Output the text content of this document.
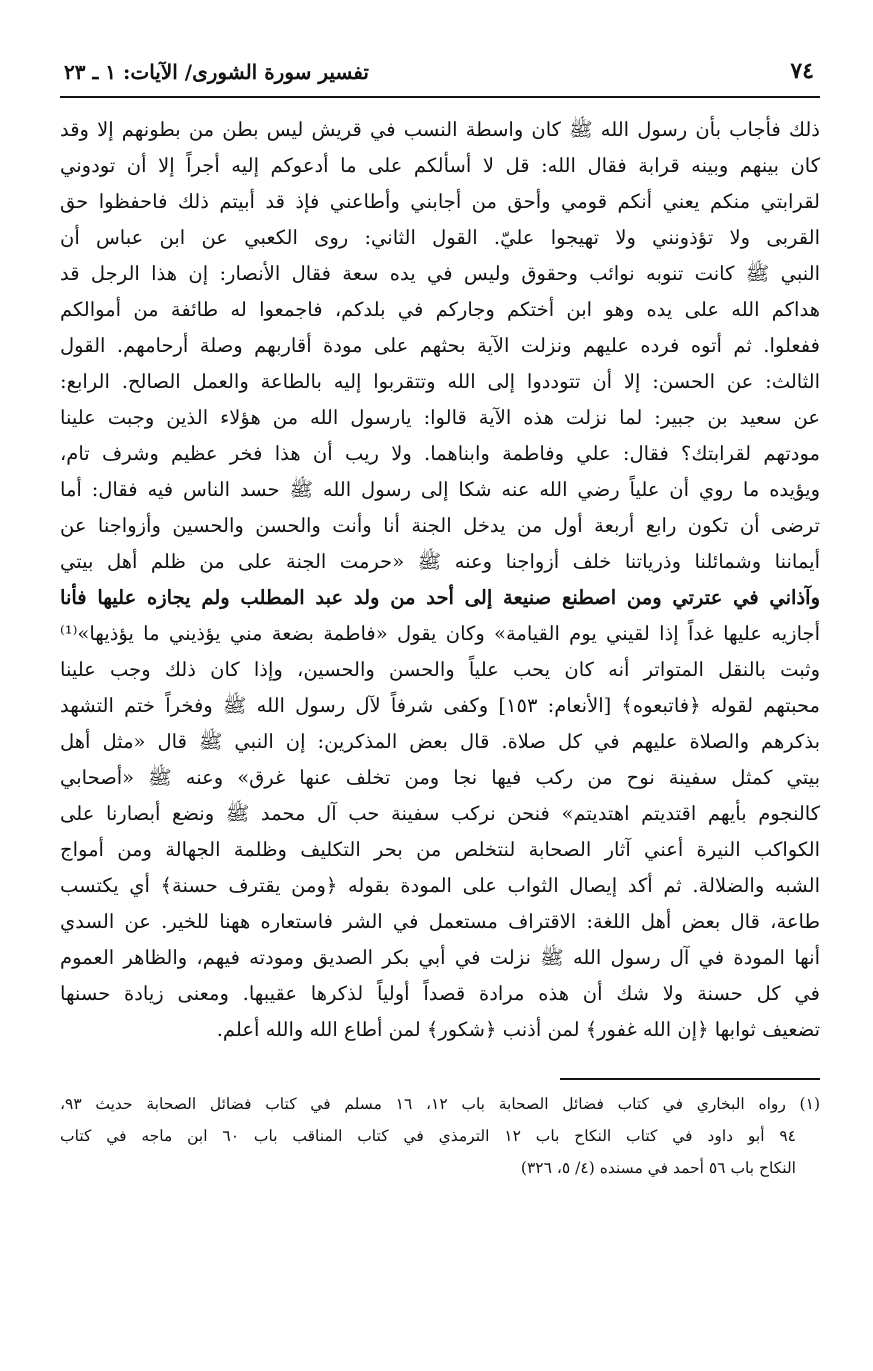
٧٤
تفسير سورة الشورى/ الآيات: ١ ـ ٢٣
ذلك فأجاب بأن رسول الله ﷺ كان واسطة النسب في قريش ليس بطن من بطونهم إلا وقد
كان بينهم وبينه قرابة فقال الله: قل لا أسألكم على ما أدعوكم إليه أجراً إلا أن تودوني
لقرابتي منكم يعني أنكم قومي وأحق من أجابني وأطاعني فإذ قد أبيتم ذلك فاحفظوا حق
القربى ولا تؤذونني ولا تهيجوا عليّ. القول الثاني: روى الكعبي عن ابن عباس أن
النبي ﷺ كانت تنوبه نوائب وحقوق وليس في يده سعة فقال الأنصار: إن هذا الرجل قد
هداكم الله على يده وهو ابن أختكم وجاركم في بلدكم، فاجمعوا له طائفة من أموالكم
ففعلوا. ثم أتوه فرده عليهم ونزلت الآية بحثهم على مودة أقاربهم وصلة أرحامهم. القول
الثالث: عن الحسن: إلا أن تتوددوا إلى الله وتتقربوا إليه بالطاعة والعمل الصالح. الرابع:
عن سعيد بن جبير: لما نزلت هذه الآية قالوا: يارسول الله من هؤلاء الذين وجبت علينا
مودتهم لقرابتك؟ فقال: علي وفاطمة وابناهما. ولا ريب أن هذا فخر عظيم وشرف تام،
ويؤيده ما روي أن علياً رضي الله عنه شكا إلى رسول الله ﷺ حسد الناس فيه فقال: أما
ترضى أن تكون رابع أربعة أول من يدخل الجنة أنا وأنت والحسن والحسين وأزواجنا عن
أيماننا وشمائلنا وذرياتنا خلف أزواجنا وعنه ﷺ «حرمت الجنة على من ظلم أهل بيتي
وآذاني في عترتي ومن اصطنع صنيعة إلى أحد من ولد عبد المطلب ولم يجازه عليها فأنا
أجازيه عليها غداً إذا لقيني يوم القيامة» وكان يقول «فاطمة بضعة مني يؤذيني ما يؤذيها»⁽¹⁾
وثبت بالنقل المتواتر أنه كان يحب علياً والحسن والحسين، وإذا كان ذلك وجب علينا
محبتهم لقوله ﴿فاتبعوه﴾ [الأنعام: ١٥٣] وكفى شرفاً لآل رسول الله ﷺ وفخراً ختم التشهد
بذكرهم والصلاة عليهم في كل صلاة. قال بعض المذكرين: إن النبي ﷺ قال «مثل أهل
بيتي كمثل سفينة نوح من ركب فيها نجا ومن تخلف عنها غرق» وعنه ﷺ «أصحابي
كالنجوم بأيهم اقتديتم اهتديتم» فنحن نركب سفينة حب آل محمد ﷺ ونضع أبصارنا على
الكواكب النيرة أعني آثار الصحابة لنتخلص من بحر التكليف وظلمة الجهالة ومن أمواج
الشبه والضلالة. ثم أكد إيصال الثواب على المودة بقوله ﴿ومن يقترف حسنة﴾ أي يكتسب
طاعة، قال بعض أهل اللغة: الاقتراف مستعمل في الشر فاستعاره ههنا للخير. عن السدي
أنها المودة في آل رسول الله ﷺ نزلت في أبي بكر الصديق ومودته فيهم، والظاهر العموم
في كل حسنة ولا شك أن هذه مرادة قصداً أولياً لذكرها عقيبها. ومعنى زيادة حسنها
تضعيف ثوابها ﴿إن الله غفور﴾ لمن أذنب ﴿شكور﴾ لمن أطاع الله والله أعلم.
(١) رواه البخاري في كتاب فضائل الصحابة باب ١٢، ١٦ مسلم في كتاب فضائل الصحابة حديث ٩٣،
٩٤ أبو داود في كتاب النكاح باب ١٢ الترمذي في كتاب المناقب باب ٦٠ ابن ماجه في كتاب
النكاح باب ٥٦ أحمد في مسنده (٤/ ٥، ٣٢٦)
